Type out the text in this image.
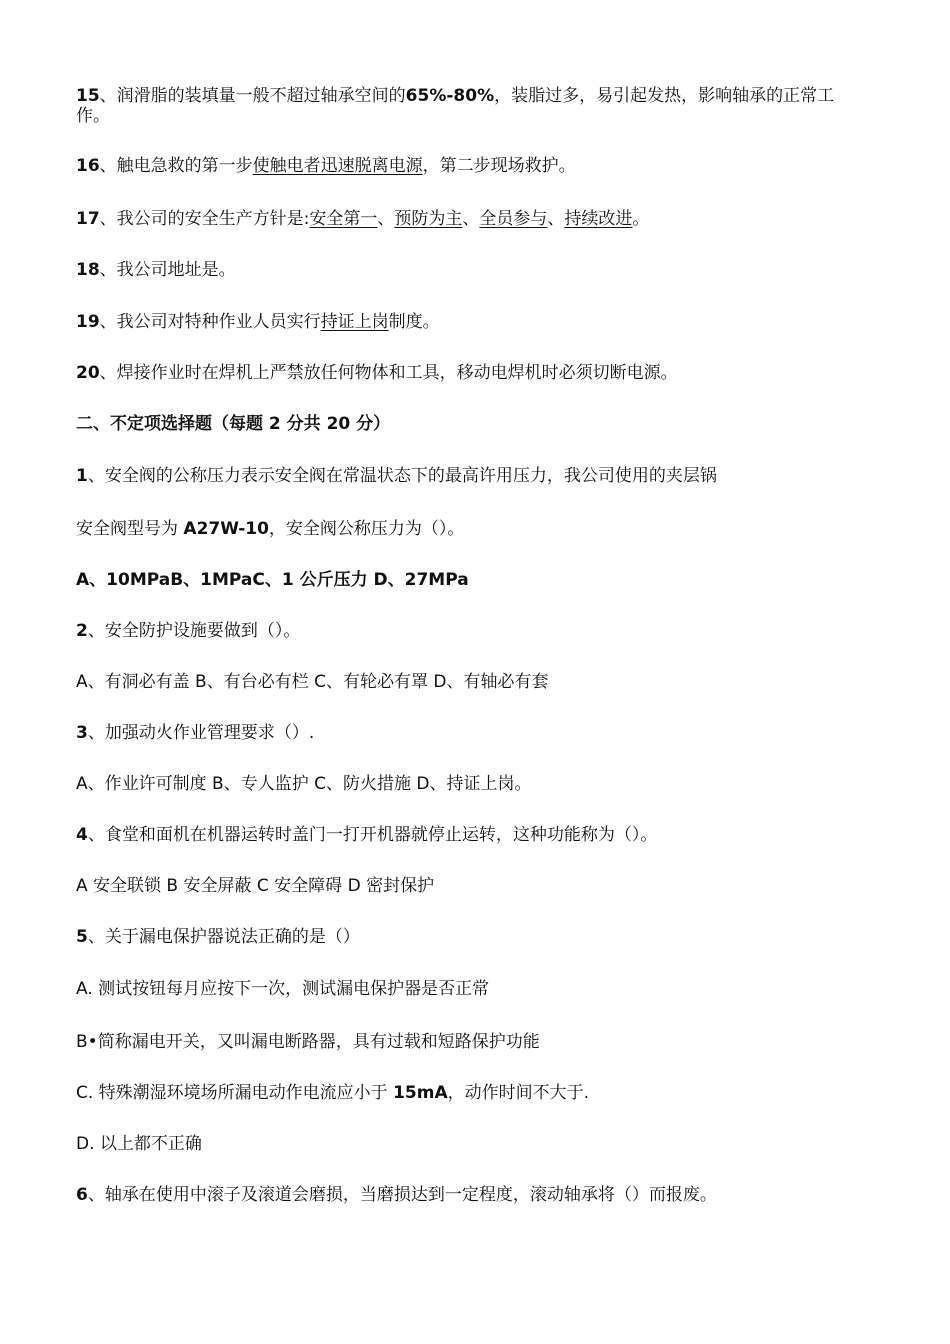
15、润滑脂的装填量一般不超过轴承空间的65%-80%，装脂过多，易引起发热，影响轴承的正常工
作。
16、触电急救的第一步使触电者迅速脱离电源，第二步现场救护。
17、我公司的安全生产方针是:安全第一、预防为主、全员参与、持续改进。
18、我公司地址是。
19、我公司对特种作业人员实行持证上岗制度。
20、焊接作业时在焊机上严禁放任何物体和工具，移动电焊机时必须切断电源。
二、不定项选择题（每题 2 分共 20 分）
1、安全阀的公称压力表示安全阀在常温状态下的最高许用压力，我公司使用的夹层锅
安全阀型号为 A27W-10，安全阀公称压力为（）。
A、10MPaB、1MPaC、1 公斤压力 D、27MPa
2、安全防护设施要做到（）。
A、有洞必有盖 B、有台必有栏 C、有轮必有罩 D、有轴必有套
3、加强动火作业管理要求（）.
A、作业许可制度 B、专人监护 C、防火措施 D、持证上岗。
4、食堂和面机在机器运转时盖门一打开机器就停止运转，这种功能称为（）。
A 安全联锁 B 安全屏蔽 C 安全障碍 D 密封保护
5、关于漏电保护器说法正确的是（）
A. 测试按钮每月应按下一次，测试漏电保护器是否正常
B•简称漏电开关，又叫漏电断路器，具有过载和短路保护功能
C. 特殊潮湿环境场所漏电动作电流应小于 15mA，动作时间不大于.
D. 以上都不正确
6、轴承在使用中滚子及滚道会磨损，当磨损达到一定程度，滚动轴承将（）而报废。
